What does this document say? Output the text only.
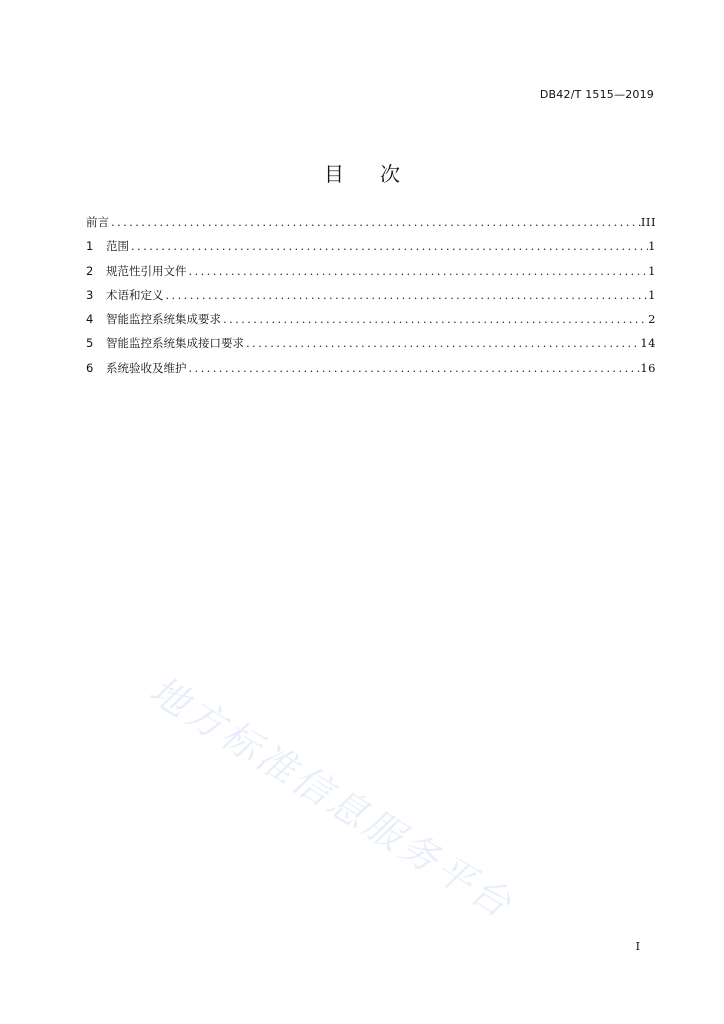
DB42/T 1515—2019
目 次
前言 .....	III
1	范围 .....	1
2	规范性引用文件 .....	1
3	术语和定义 .....	1
4	智能监控系统集成要求 .....	2
5	智能监控系统集成接口要求 .....	14
6	系统验收及维护 .....	16
地方标准信息服务平台
I
